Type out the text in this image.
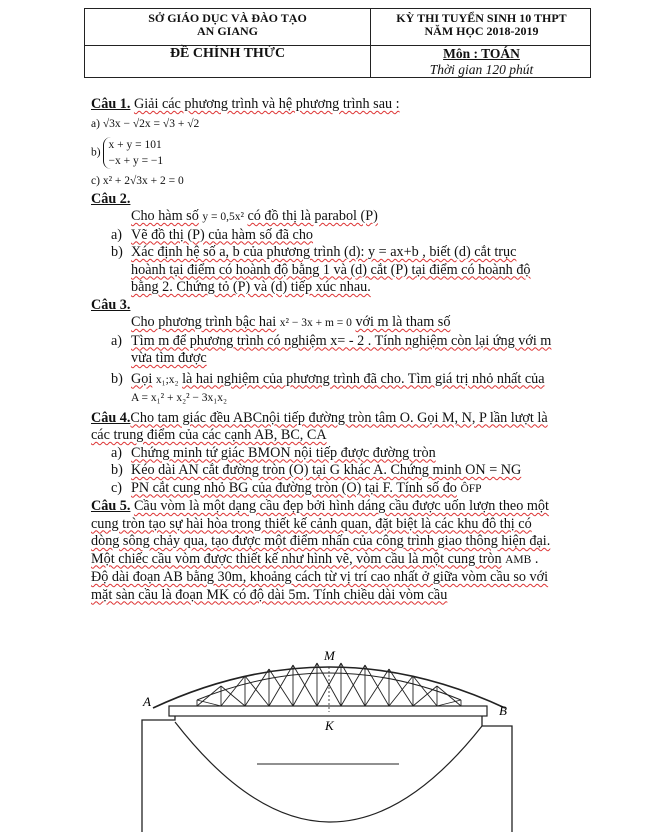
SỞ GIÁO DỤC VÀ ĐÀO TẠO
AN GIANG
ĐỀ CHÍNH THỨC
KỲ THI TUYỂN SINH 10 THPT
NĂM HỌC 2018-2019
Môn : TOÁN
Thời gian 120 phút
Câu 1. Giải các phương trình và hệ phương trình sau :
a) √3x − √2x = √3 + √2
b)
x + y = 101
−x + y = −1
c) x² + 2√3x + 2 = 0
Câu 2.
Cho hàm số y = 0,5x² có đồ thị là parabol (P)
a) Vẽ đồ thị (P) của hàm số đã cho
b) Xác định hệ số a, b của phương trình (d): y = ax+b , biết (d) cắt trục
hoành tại điểm có hoành độ bằng 1 và (d) cắt (P) tại điểm có hoành độ
bằng 2. Chứng tỏ (P) và (d) tiếp xúc nhau.
Câu 3.
Cho phương trình bậc hai x² − 3x + m = 0 với m là tham số
a) Tìm m để phương trình có nghiệm x= - 2 . Tính nghiệm còn lại ứng với m
vừa tìm được
b) Gọi x₁;x₂ là hai nghiệm của phương trình đã cho. Tìm giá trị nhỏ nhất của
A = x₁² + x₂² − 3x₁x₂
Câu 4.Cho tam giác đều ABCnội tiếp đường tròn tâm O. Gọi M, N, P lần lượt là
các trung điểm của các cạnh AB, BC, CA
a) Chứng minh tứ giác BMON nội tiếp được đường tròn
b) Kéo dài AN cắt đường tròn (O) tại G khác A. Chứng minh ON = NG
c) PN cắt cung nhỏ BG của đường tròn (O) tại F. Tính số đo ÔFP
Câu 5. Cầu vòm là một dạng cầu đẹp bởi hình dáng cầu được uốn lượn theo một
cung tròn tạo sự hài hòa trong thiết kế cảnh quan, đặt biệt là các khu đô thị có
dòng sông chảy qua, tạo được một điểm nhấn của công trình giao thông hiện đại.
Một chiếc cầu vòm được thiết kế như hình vẽ, vòm cầu là một cung tròn AMB .
Độ dài đoạn AB bằng 30m, khoảng cách từ vị trí cao nhất ở giữa vòm cầu so với
mặt sàn cầu là đoạn MK có độ dài 5m. Tính chiều dài vòm cầu
A
B
M
K
